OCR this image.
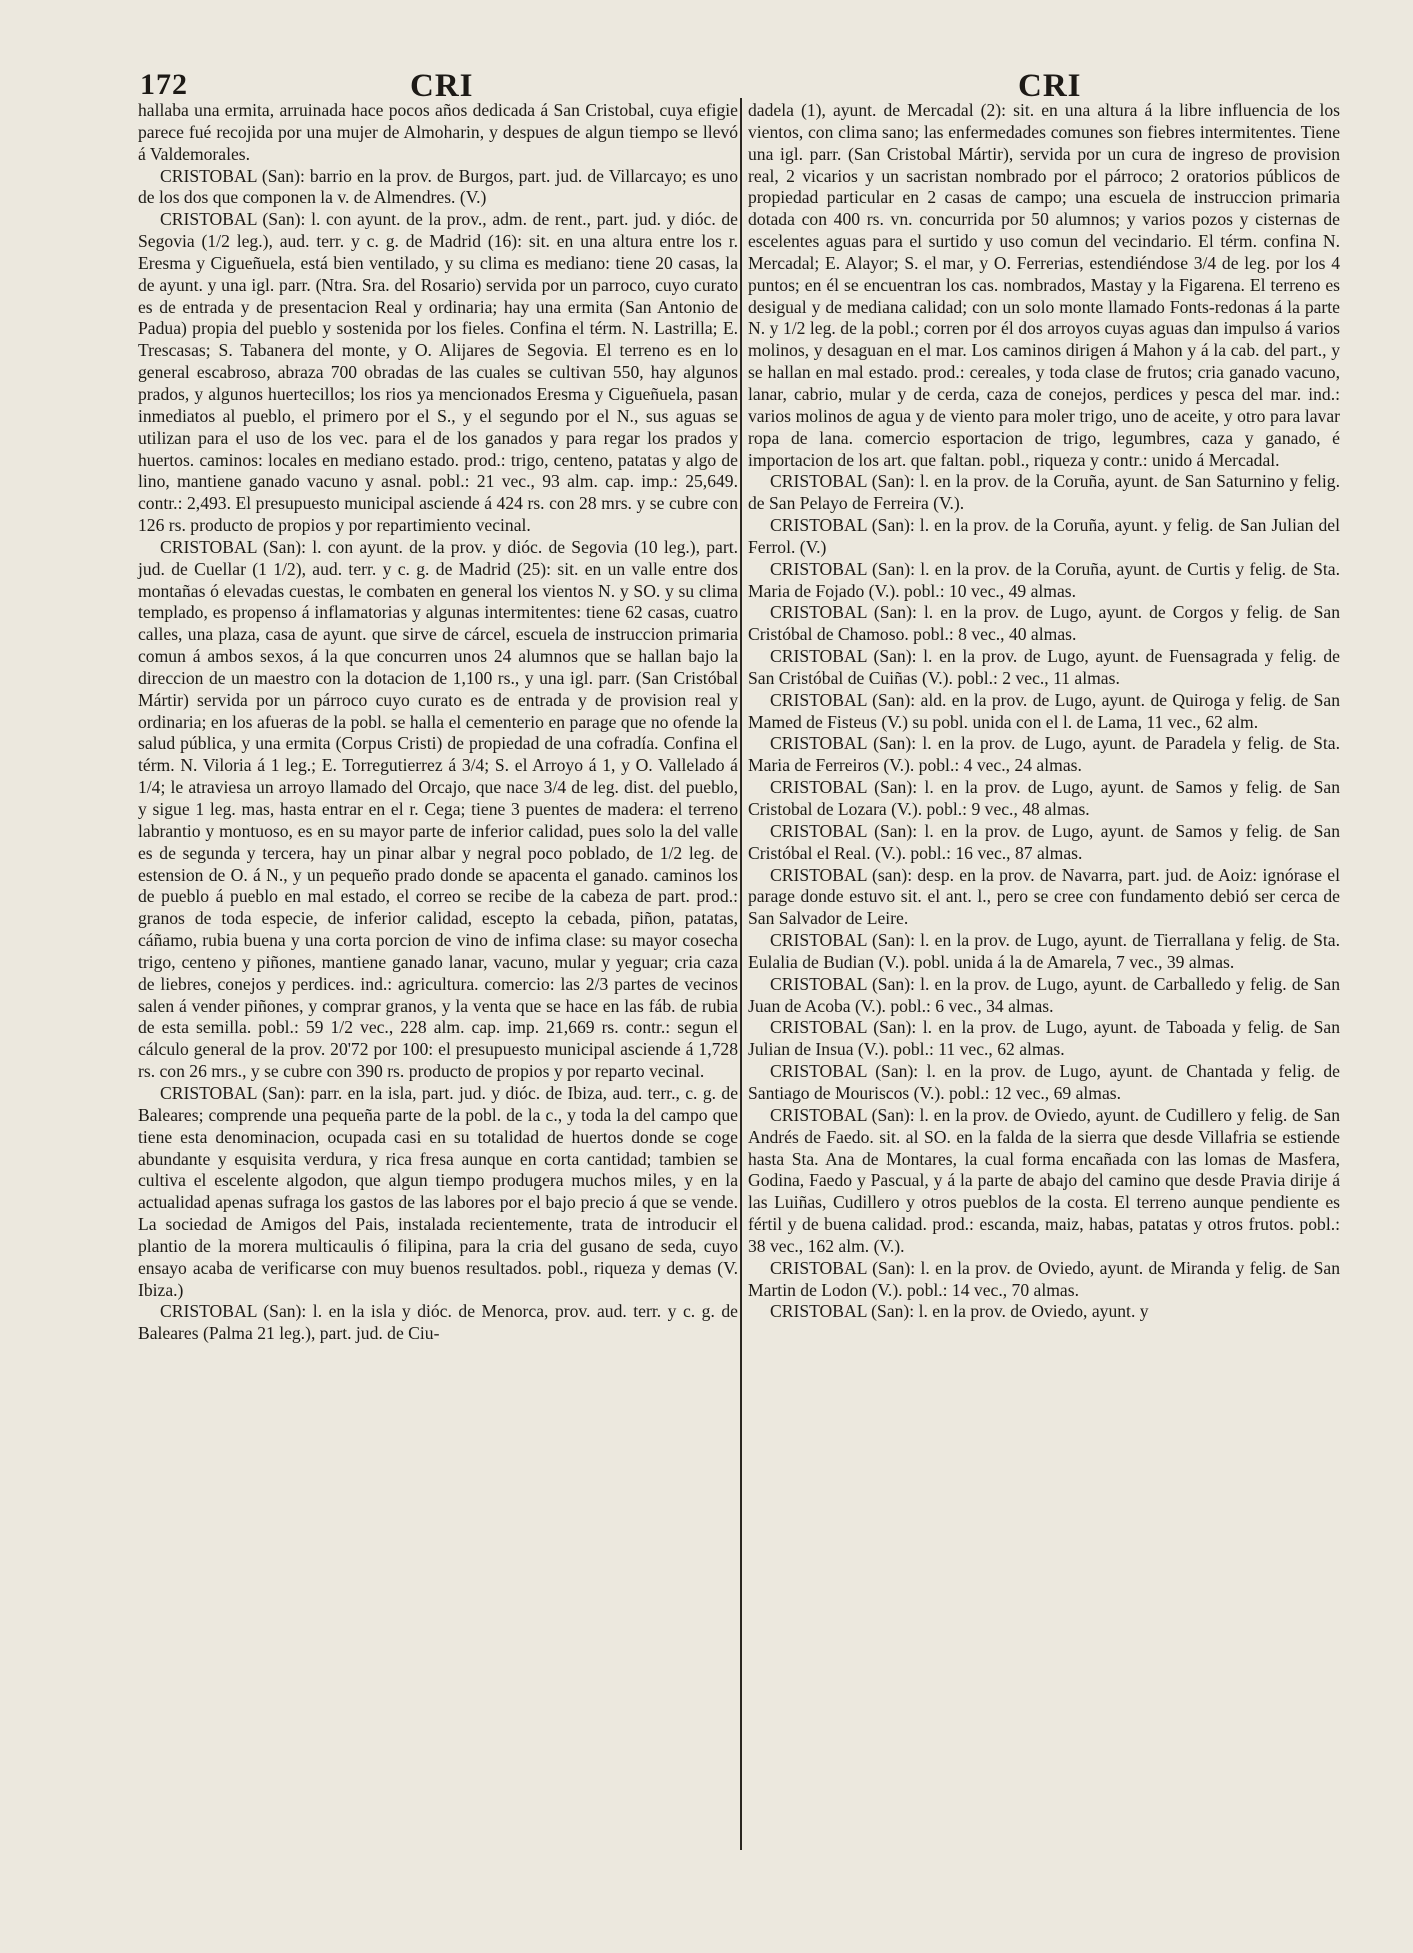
172	CRI	CRI

hallaba una ermita, arruinada hace pocos años dedicada á San Cristobal, cuya efigie parece fué recojida por una mujer de Almoharin, y despues de algun tiempo se llevó á Valdemorales.

CRISTOBAL (San): barrio en la prov. de Burgos, part. jud. de Villarcayo; es uno de los dos que componen la v. de Almendres. (V.)

CRISTOBAL (San): l. con ayunt. de la prov., adm. de rent., part. jud. y dióc. de Segovia (1/2 leg.), aud. terr. y c. g. de Madrid (16): sit. en una altura entre los r. Eresma y Cigueñuela, está bien ventilado, y su clima es mediano: tiene 20 casas, la de ayunt. y una igl. parr. (Ntra. Sra. del Rosario) servida por un parroco, cuyo curato es de entrada y de presentacion Real y ordinaria; hay una ermita (San Antonio de Padua) propia del pueblo y sostenida por los fieles. Confina el térm. N. Lastrilla; E. Trescasas; S. Tabanera del monte, y O. Alijares de Segovia. El terreno es en lo general escabroso, abraza 700 obradas de las cuales se cultivan 550, hay algunos prados, y algunos huertecillos; los rios ya mencionados Eresma y Cigueñuela, pasan inmediatos al pueblo, el primero por el S., y el segundo por el N., sus aguas se utilizan para el uso de los vec. para el de los ganados y para regar los prados y huertos. caminos: locales en mediano estado. prod.: trigo, centeno, patatas y algo de lino, mantiene ganado vacuno y asnal. pobl.: 21 vec., 93 alm. cap. imp.: 25,649. contr.: 2,493. El presupuesto municipal asciende á 424 rs. con 28 mrs. y se cubre con 126 rs. producto de propios y por repartimiento vecinal.

CRISTOBAL (San): l. con ayunt. de la prov. y dióc. de Segovia (10 leg.), part. jud. de Cuellar (1 1/2), aud. terr. y c. g. de Madrid (25): sit. en un valle entre dos montañas ó elevadas cuestas, le combaten en general los vientos N. y SO. y su clima templado, es propenso á inflamatorias y algunas intermitentes: tiene 62 casas, cuatro calles, una plaza, casa de ayunt. que sirve de cárcel, escuela de instruccion primaria comun á ambos sexos, á la que concurren unos 24 alumnos que se hallan bajo la direccion de un maestro con la dotacion de 1,100 rs., y una igl. parr. (San Cristóbal Mártir) servida por un párroco cuyo curato es de entrada y de provision real y ordinaria; en los afueras de la pobl. se halla el cementerio en parage que no ofende la salud pública, y una ermita (Corpus Cristi) de propiedad de una cofradía. Confina el térm. N. Viloria á 1 leg.; E. Torregutierrez á 3/4; S. el Arroyo á 1, y O. Vallelado á 1/4; le atraviesa un arroyo llamado del Orcajo, que nace 3/4 de leg. dist. del pueblo, y sigue 1 leg. mas, hasta entrar en el r. Cega; tiene 3 puentes de madera: el terreno labrantio y montuoso, es en su mayor parte de inferior calidad, pues solo la del valle es de segunda y tercera, hay un pinar albar y negral poco poblado, de 1/2 leg. de estension de O. á N., y un pequeño prado donde se apacenta el ganado. caminos los de pueblo á pueblo en mal estado, el correo se recibe de la cabeza de part. prod.: granos de toda especie, de inferior calidad, escepto la cebada, piñon, patatas, cáñamo, rubia buena y una corta porcion de vino de infima clase: su mayor cosecha trigo, centeno y piñones, mantiene ganado lanar, vacuno, mular y yeguar; cria caza de liebres, conejos y perdices. ind.: agricultura. comercio: las 2/3 partes de vecinos salen á vender piñones, y comprar granos, y la venta que se hace en las fáb. de rubia de esta semilla. pobl.: 59 1/2 vec., 228 alm. cap. imp. 21,669 rs. contr.: segun el cálculo general de la prov. 20'72 por 100: el presupuesto municipal asciende á 1,728 rs. con 26 mrs., y se cubre con 390 rs. producto de propios y por reparto vecinal.

CRISTOBAL (San): parr. en la isla, part. jud. y dióc. de Ibiza, aud. terr., c. g. de Baleares; comprende una pequeña parte de la pobl. de la c., y toda la del campo que tiene esta denominacion, ocupada casi en su totalidad de huertos donde se coge abundante y esquisita verdura, y rica fresa aunque en corta cantidad; tambien se cultiva el escelente algodon, que algun tiempo produgera muchos miles, y en la actualidad apenas sufraga los gastos de las labores por el bajo precio á que se vende. La sociedad de Amigos del Pais, instalada recientemente, trata de introducir el plantio de la morera multicaulis ó filipina, para la cria del gusano de seda, cuyo ensayo acaba de verificarse con muy buenos resultados. pobl., riqueza y demas (V. Ibiza.)

CRISTOBAL (San): l. en la isla y dióc. de Menorca, prov. aud. terr. y c. g. de Baleares (Palma 21 leg.), part. jud. de Ciu-

dadela (1), ayunt. de Mercadal (2): sit. en una altura á la libre influencia de los vientos, con clima sano; las enfermedades comunes son fiebres intermitentes. Tiene una igl. parr. (San Cristobal Mártir), servida por un cura de ingreso de provision real, 2 vicarios y un sacristan nombrado por el párroco; 2 oratorios públicos de propiedad particular en 2 casas de campo; una escuela de instruccion primaria dotada con 400 rs. vn. concurrida por 50 alumnos; y varios pozos y cisternas de escelentes aguas para el surtido y uso comun del vecindario. El térm. confina N. Mercadal; E. Alayor; S. el mar, y O. Ferrerias, estendiéndose 3/4 de leg. por los 4 puntos; en él se encuentran los cas. nombrados, Mastay y la Figarena. El terreno es desigual y de mediana calidad; con un solo monte llamado Fonts-redonas á la parte N. y 1/2 leg. de la pobl.; corren por él dos arroyos cuyas aguas dan impulso á varios molinos, y desaguan en el mar. Los caminos dirigen á Mahon y á la cab. del part., y se hallan en mal estado. prod.: cereales, y toda clase de frutos; cria ganado vacuno, lanar, cabrio, mular y de cerda, caza de conejos, perdices y pesca del mar. ind.: varios molinos de agua y de viento para moler trigo, uno de aceite, y otro para lavar ropa de lana. comercio esportacion de trigo, legumbres, caza y ganado, é importacion de los art. que faltan. pobl., riqueza y contr.: unido á Mercadal.

CRISTOBAL (San): l. en la prov. de la Coruña, ayunt. de San Saturnino y felig. de San Pelayo de Ferreira (V.).

CRISTOBAL (San): l. en la prov. de la Coruña, ayunt. y felig. de San Julian del Ferrol. (V.)

CRISTOBAL (San): l. en la prov. de la Coruña, ayunt. de Curtis y felig. de Sta. Maria de Fojado (V.). pobl.: 10 vec., 49 almas.

CRISTOBAL (San): l. en la prov. de Lugo, ayunt. de Corgos y felig. de San Cristóbal de Chamoso. pobl.: 8 vec., 40 almas.

CRISTOBAL (San): l. en la prov. de Lugo, ayunt. de Fuensagrada y felig. de San Cristóbal de Cuiñas (V.). pobl.: 2 vec., 11 almas.

CRISTOBAL (San): ald. en la prov. de Lugo, ayunt. de Quiroga y felig. de San Mamed de Fisteus (V.) su pobl. unida con el l. de Lama, 11 vec., 62 alm.

CRISTOBAL (San): l. en la prov. de Lugo, ayunt. de Paradela y felig. de Sta. Maria de Ferreiros (V.). pobl.: 4 vec., 24 almas.

CRISTOBAL (San): l. en la prov. de Lugo, ayunt. de Samos y felig. de San Cristobal de Lozara (V.). pobl.: 9 vec., 48 almas.

CRISTOBAL (San): l. en la prov. de Lugo, ayunt. de Samos y felig. de San Cristóbal el Real. (V.). pobl.: 16 vec., 87 almas.

CRISTOBAL (san): desp. en la prov. de Navarra, part. jud. de Aoiz: ignórase el parage donde estuvo sit. el ant. l., pero se cree con fundamento debió ser cerca de San Salvador de Leire.

CRISTOBAL (San): l. en la prov. de Lugo, ayunt. de Tierrallana y felig. de Sta. Eulalia de Budian (V.). pobl. unida á la de Amarela, 7 vec., 39 almas.

CRISTOBAL (San): l. en la prov. de Lugo, ayunt. de Carballedo y felig. de San Juan de Acoba (V.). pobl.: 6 vec., 34 almas.

CRISTOBAL (San): l. en la prov. de Lugo, ayunt. de Taboada y felig. de San Julian de Insua (V.). pobl.: 11 vec., 62 almas.

CRISTOBAL (San): l. en la prov. de Lugo, ayunt. de Chantada y felig. de Santiago de Mouriscos (V.). pobl.: 12 vec., 69 almas.

CRISTOBAL (San): l. en la prov. de Oviedo, ayunt. de Cudillero y felig. de San Andrés de Faedo. sit. al SO. en la falda de la sierra que desde Villafria se estiende hasta Sta. Ana de Montares, la cual forma encañada con las lomas de Masfera, Godina, Faedo y Pascual, y á la parte de abajo del camino que desde Pravia dirije á las Luiñas, Cudillero y otros pueblos de la costa. El terreno aunque pendiente es fértil y de buena calidad. prod.: escanda, maiz, habas, patatas y otros frutos. pobl.: 38 vec., 162 alm. (V.).

CRISTOBAL (San): l. en la prov. de Oviedo, ayunt. de Miranda y felig. de San Martin de Lodon (V.). pobl.: 14 vec., 70 almas.

CRISTOBAL (San): l. en la prov. de Oviedo, ayunt. y
